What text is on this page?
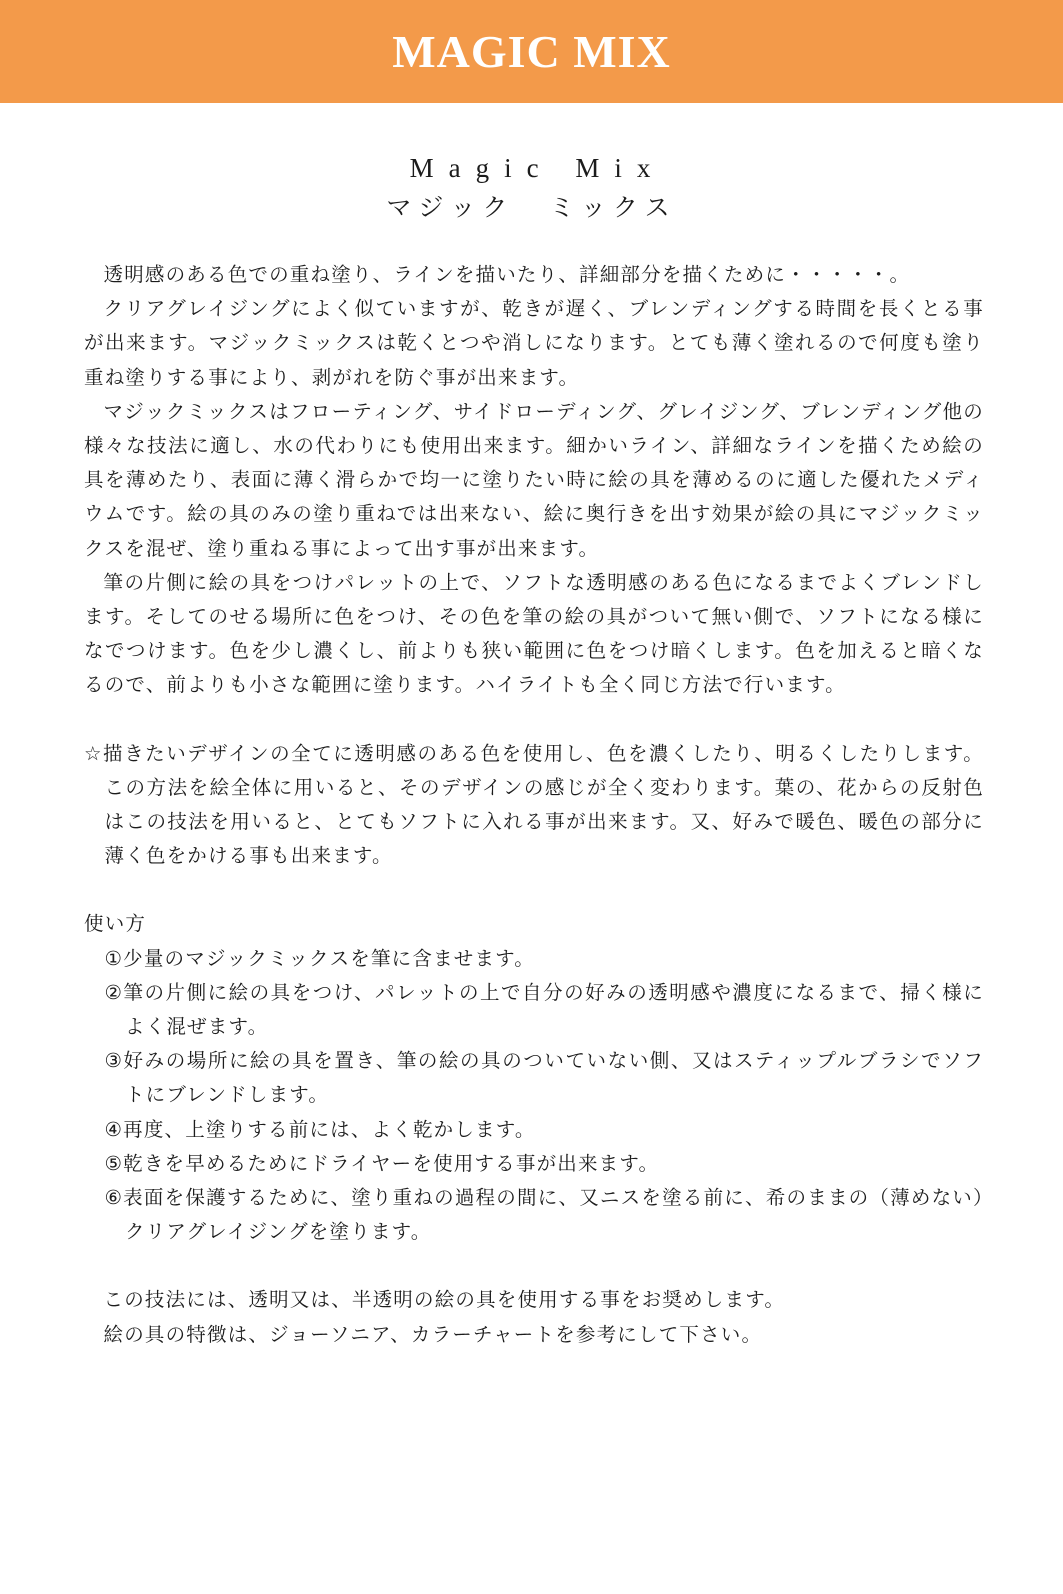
MAGIC MIX
Magic Mix
マジック ミックス

透明感のある色での重ね塗り、ラインを描いたり、詳細部分を描くために・・・・・。

クリアグレイジングによく似ていますが、乾きが遅く、ブレンディングする時間を長くとる事が出来ます。マジックミックスは乾くとつや消しになります。とても薄く塗れるので何度も塗り重ね塗りする事により、剥がれを防ぐ事が出来ます。

マジックミックスはフローティング、サイドローディング、グレイジング、ブレンディング他の様々な技法に適し、水の代わりにも使用出来ます。細かいライン、詳細なラインを描くため絵の具を薄めたり、表面に薄く滑らかで均一に塗りたい時に絵の具を薄めるのに適した優れたメディウムです。絵の具のみの塗り重ねでは出来ない、絵に奥行きを出す効果が絵の具にマジックミックスを混ぜ、塗り重ねる事によって出す事が出来ます。

筆の片側に絵の具をつけパレットの上で、ソフトな透明感のある色になるまでよくブレンドします。そしてのせる場所に色をつけ、その色を筆の絵の具がついて無い側で、ソフトになる様になでつけます。色を少し濃くし、前よりも狭い範囲に色をつけ暗くします。色を加えると暗くなるので、前よりも小さな範囲に塗ります。ハイライトも全く同じ方法で行います。

☆描きたいデザインの全てに透明感のある色を使用し、色を濃くしたり、明るくしたりします。この方法を絵全体に用いると、そのデザインの感じが全く変わります。葉の、花からの反射色はこの技法を用いると、とてもソフトに入れる事が出来ます。又、好みで暖色、暖色の部分に薄く色をかける事も出来ます。

使い方

①少量のマジックミックスを筆に含ませます。
②筆の片側に絵の具をつけ、パレットの上で自分の好みの透明感や濃度になるまで、掃く様によく混ぜます。
③好みの場所に絵の具を置き、筆の絵の具のついていない側、又はスティップルブラシでソフトにブレンドします。
④再度、上塗りする前には、よく乾かします。
⑤乾きを早めるためにドライヤーを使用する事が出来ます。
⑥表面を保護するために、塗り重ねの過程の間に、又ニスを塗る前に、希のままの（薄めない）クリアグレイジングを塗ります。

この技法には、透明又は、半透明の絵の具を使用する事をお奨めします。

絵の具の特徴は、ジョーソニア、カラーチャートを参考にして下さい。
